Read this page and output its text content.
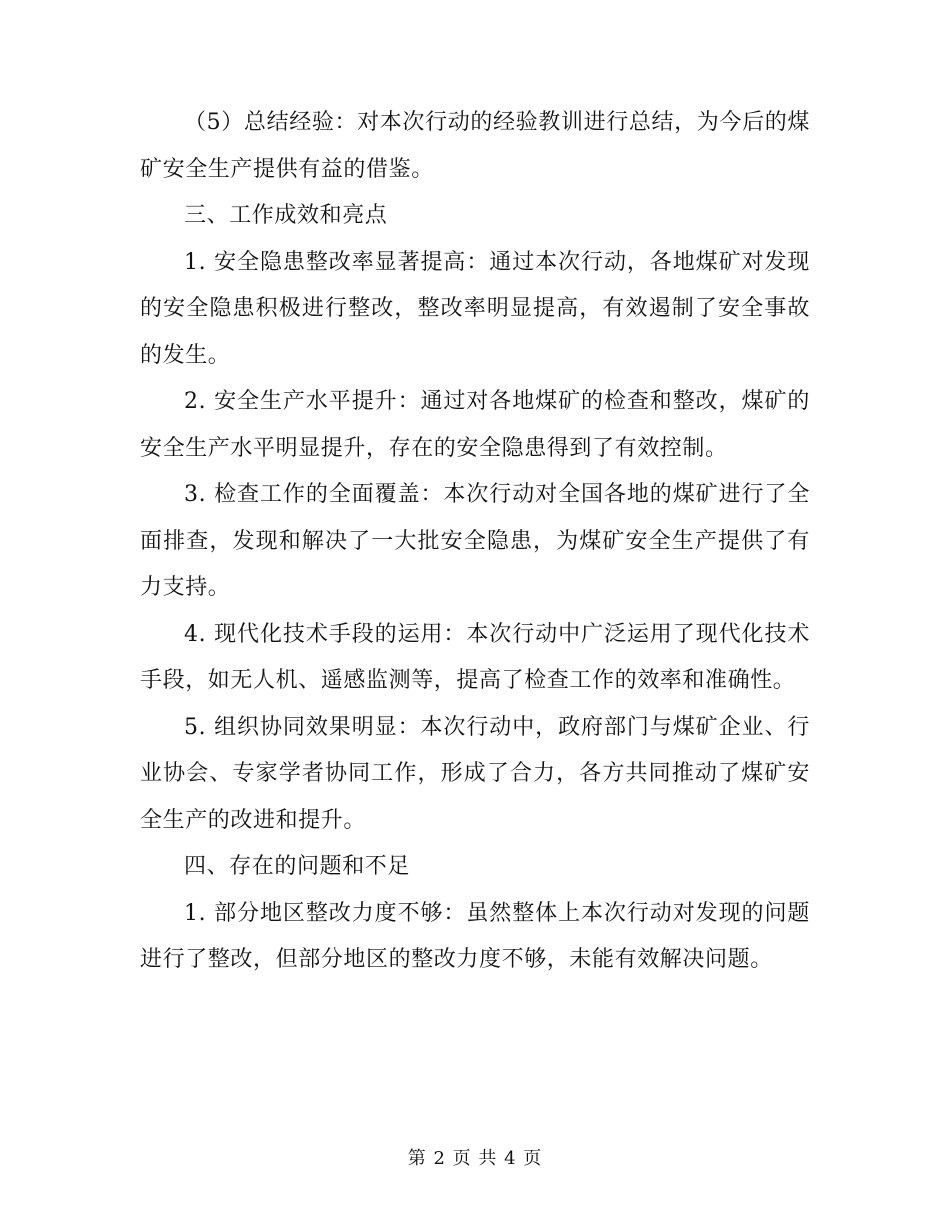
（5）总结经验：对本次行动的经验教训进行总结，为今后的煤矿安全生产提供有益的借鉴。

三、工作成效和亮点

1. 安全隐患整改率显著提高：通过本次行动，各地煤矿对发现的安全隐患积极进行整改，整改率明显提高，有效遏制了安全事故的发生。

2. 安全生产水平提升：通过对各地煤矿的检查和整改，煤矿的安全生产水平明显提升，存在的安全隐患得到了有效控制。

3. 检查工作的全面覆盖：本次行动对全国各地的煤矿进行了全面排查，发现和解决了一大批安全隐患，为煤矿安全生产提供了有力支持。

4. 现代化技术手段的运用：本次行动中广泛运用了现代化技术手段，如无人机、遥感监测等，提高了检查工作的效率和准确性。

5. 组织协同效果明显：本次行动中，政府部门与煤矿企业、行业协会、专家学者协同工作，形成了合力，各方共同推动了煤矿安全生产的改进和提升。

四、存在的问题和不足

1. 部分地区整改力度不够：虽然整体上本次行动对发现的问题进行了整改，但部分地区的整改力度不够，未能有效解决问题。

第 2 页 共 4 页
